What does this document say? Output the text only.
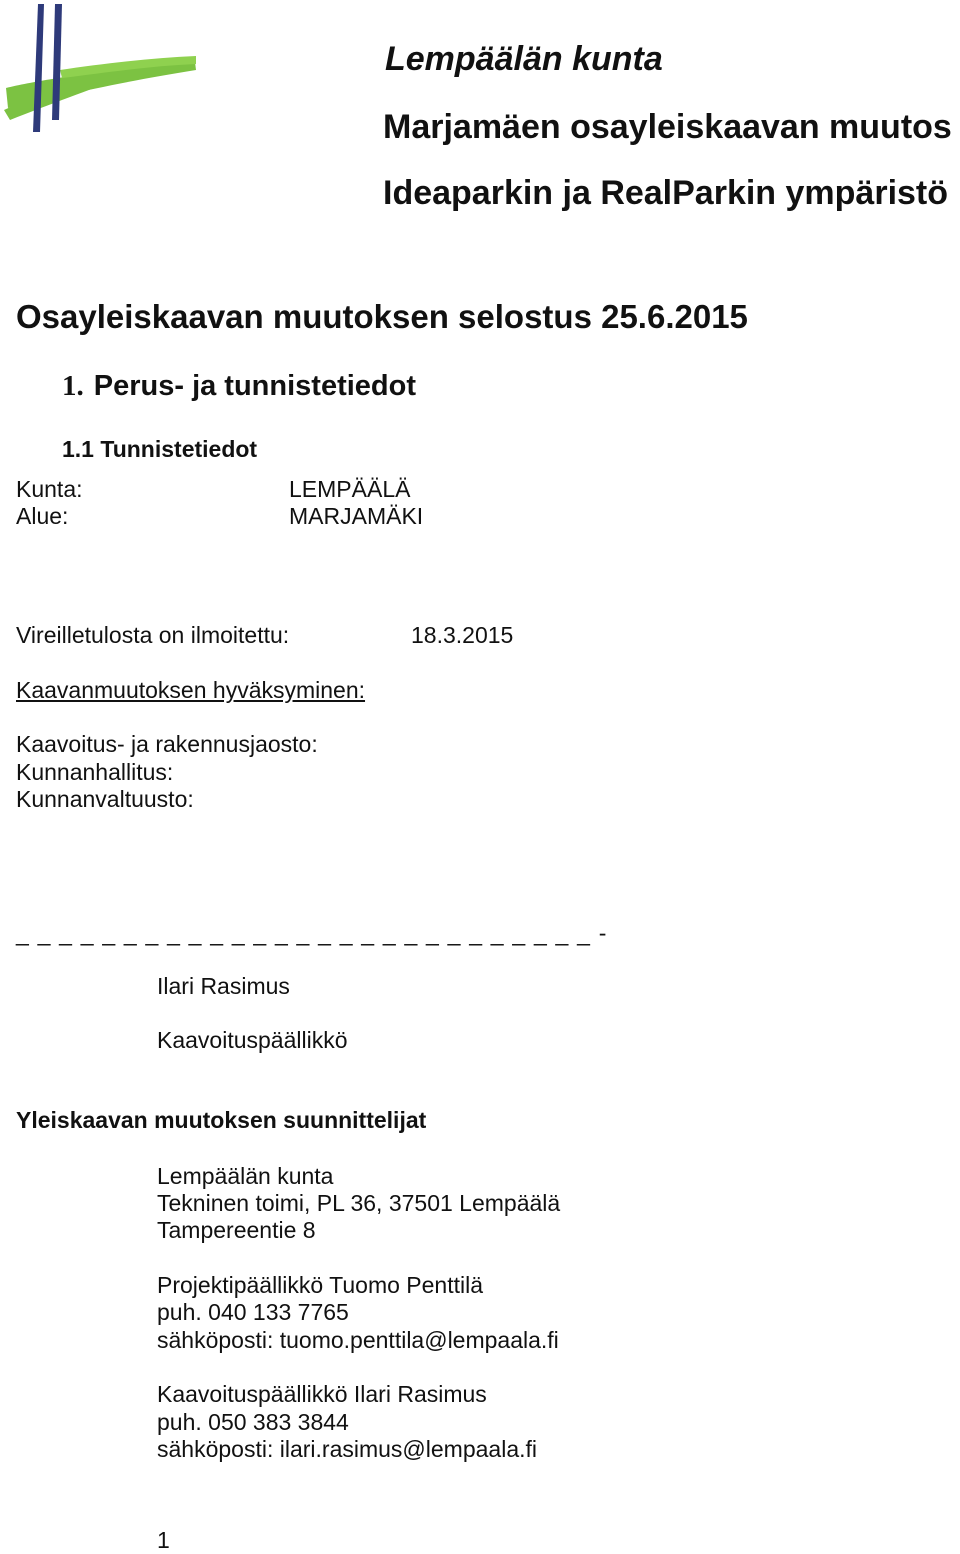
Lempäälän kunta
Marjamäen osayleiskaavan muutos
Ideaparkin ja RealParkin ympäristö
Osayleiskaavan muutoksen selostus 25.6.2015
1. Perus- ja tunnistetiedot
1.1 Tunnistetiedot
Kunta:	LEMPÄÄLÄ
Alue:	MARJAMÄKI
Vireilletulosta on ilmoitettu:	18.3.2015
Kaavanmuutoksen hyväksyminen:
Kaavoitus- ja rakennusjaosto:
Kunnanhallitus:
Kunnanvaltuusto:
_ _ _ _ _ _ _ _ _ _ _ _ _ _ _ _ _ _ _ _ _ _ _ _ _ _ _ -
Ilari Rasimus
Kaavoituspäällikkö
Yleiskaavan muutoksen suunnittelijat
Lempäälän kunta
Tekninen toimi, PL 36, 37501 Lempäälä
Tampereentie 8
Projektipäällikkö Tuomo Penttilä
puh. 040 133 7765
sähköposti: tuomo.penttila@lempaala.fi
Kaavoituspäällikkö Ilari Rasimus
puh. 050 383 3844
sähköposti: ilari.rasimus@lempaala.fi
1
